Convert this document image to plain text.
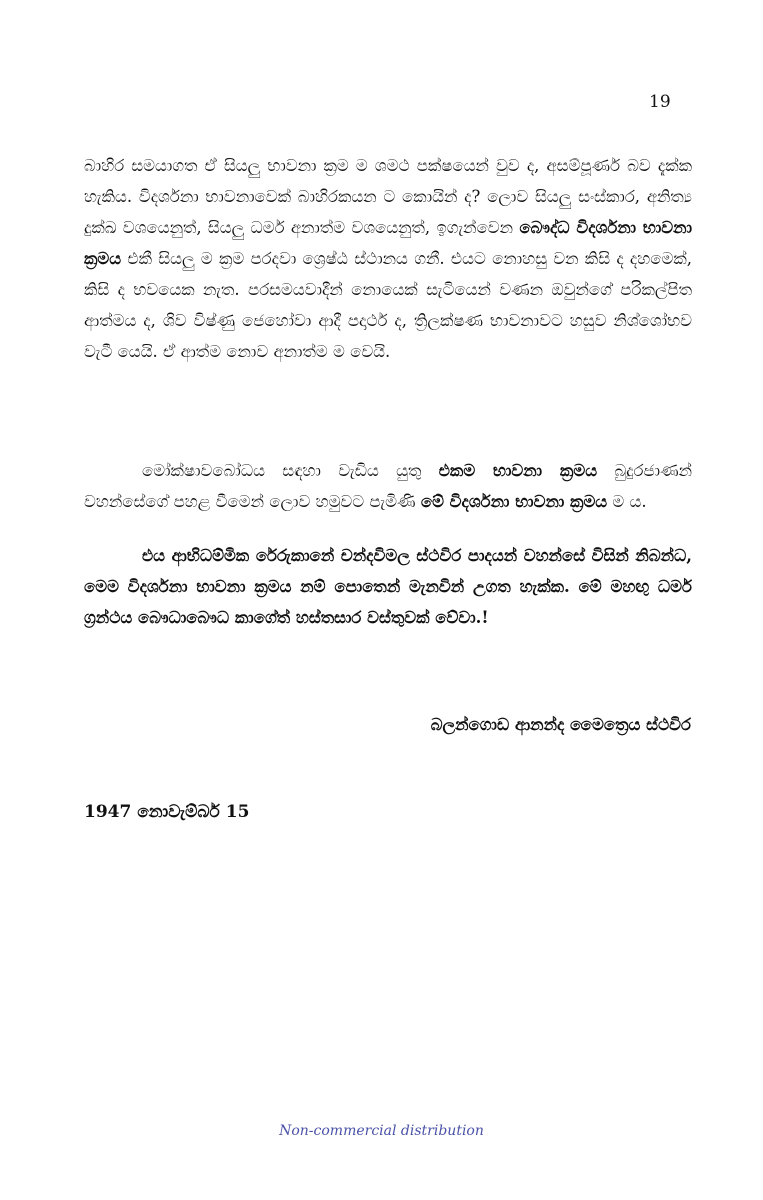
19
බාහිර සමයාගත ඒ සියලු භාවනා ක්‍රම ම ශමථ පක්ෂයෙන් වුව ද, අසම්පූර්ණ බව දැක්ක හැකිය. විදර්ශනා භාවනාවෙක් බාහිරකයන ට කොයින් ද? ලොව සියලු සංස්කාර, අනිත්‍ය දුක්ඛ වශයෙනුත්, සියලු ධර්ම අනාත්ම වශයෙනුත්, ඉගැන්වෙන බෞද්ධ විදර්ශනා භාවනා ක්‍රමය එකී සියලු ම ක්‍රම පරදවා ශ්‍රෙෂ්ඨ ස්ථානය ගනී. එයට නොහසු වන කිසි ද දහමෙක්, කිසි ද භවයෙක නැත. පරසමයවාදීන් නොයෙක් සැටියෙන් වණන ඔවුන්ගේ පරිකල්පිත ආත්මය ද, ශිව විෂ්ණු ජෙහෝවා ආදී පදාර්ථ ද, ත්‍රිලක්ෂණ භාවනාවට හසුව නිශ්ශෝභව වැටී යෙයි. ඒ ආත්ම නොව අනාත්ම ම වෙයි.
මෝක්ෂාවබෝධය සඳහා වැඩිය යුතු එකම භාවනා ක්‍රමය බුදුරජාණන් වහන්සේගේ පහළ වීමෙන් ලොව හමුවට පැමිණි මේ විදර්ශනා භාවනා ක්‍රමය ම ය.
එය ආභිධම්මික රේරුකානේ චන්දවිමල ස්ථවිර පාදයන් වහන්සේ විසින් නිබන්ධ, මෙම විදර්ශනා භාවනා ක්‍රමය නම් පොතෙන් මැනවින් උගත හැක්ක. මේ මහඟු ධර්ම ග්‍රන්ථය බෞධාබෞධ කාගේත් හස්තසාර වස්තුවක් වේවා.!
බලන්ගොඩ ආනන්ද මෛත්‍රෙය ස්ථවිර
1947 නොවැම්බර් 15
Non-commercial distribution
